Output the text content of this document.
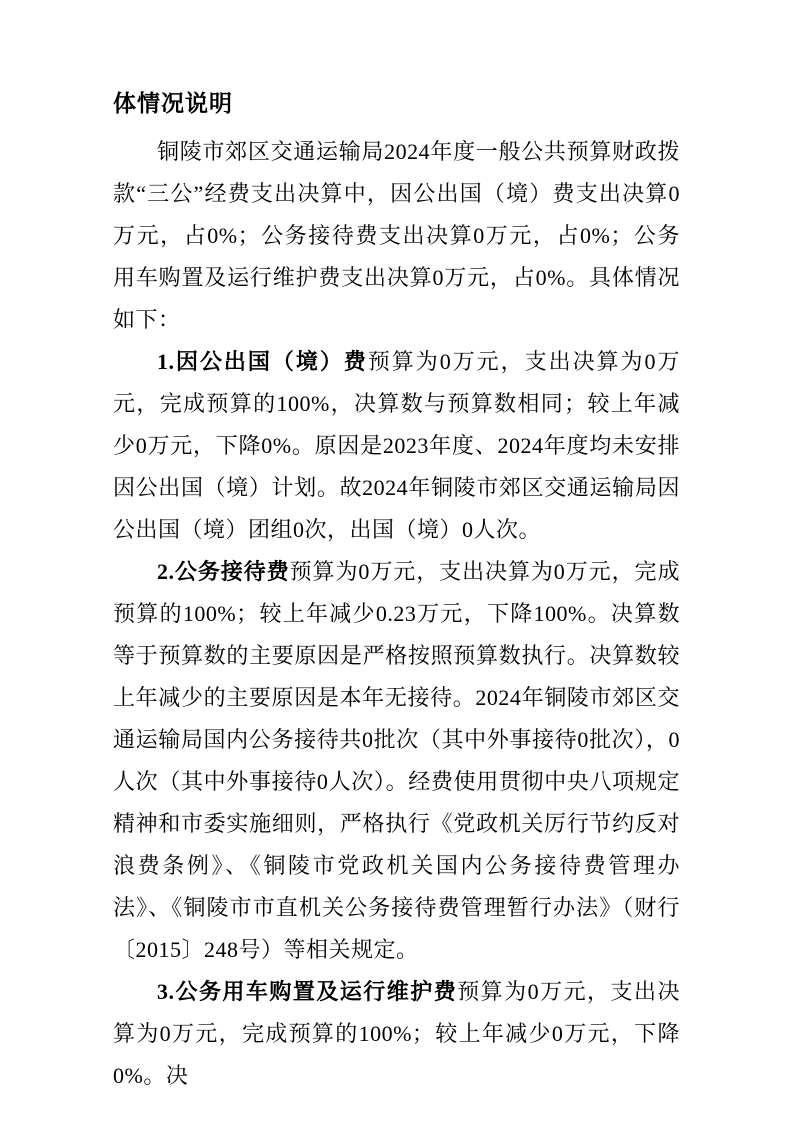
体情况说明

铜陵市郊区交通运输局2024年度一般公共预算财政拨款“三公”经费支出决算中，因公出国（境）费支出决算0万元，占0%；公务接待费支出决算0万元，占0%；公务用车购置及运行维护费支出决算0万元，占0%。具体情况如下：

1.因公出国（境）费预算为0万元，支出决算为0万元，完成预算的100%，决算数与预算数相同；较上年减少0万元，下降0%。原因是2023年度、2024年度均未安排因公出国（境）计划。故2024年铜陵市郊区交通运输局因公出国（境）团组0次，出国（境）0人次。

2.公务接待费预算为0万元，支出决算为0万元，完成预算的100%；较上年减少0.23万元，下降100%。决算数等于预算数的主要原因是严格按照预算数执行。决算数较上年减少的主要原因是本年无接待。2024年铜陵市郊区交通运输局国内公务接待共0批次（其中外事接待0批次），0人次（其中外事接待0人次）。经费使用贯彻中央八项规定精神和市委实施细则，严格执行《党政机关厉行节约反对浪费条例》、《铜陵市党政机关国内公务接待费管理办法》、《铜陵市市直机关公务接待费管理暂行办法》（财行〔2015〕248号）等相关规定。

3.公务用车购置及运行维护费预算为0万元，支出决算为0万元，完成预算的100%；较上年减少0万元，下降0%。决
